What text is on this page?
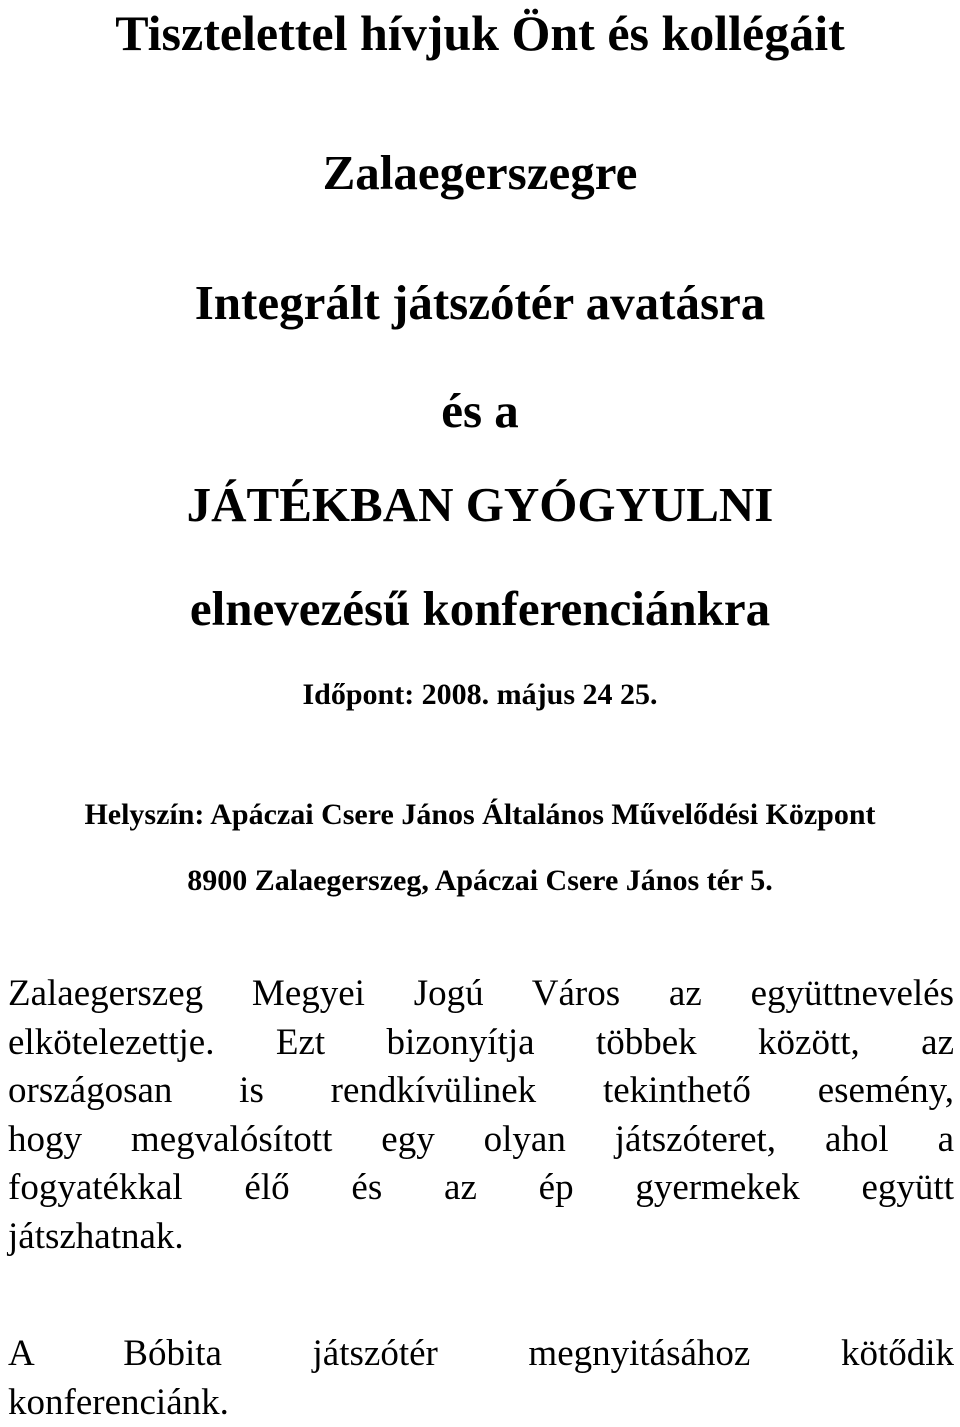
Tisztelettel hívjuk Önt és kollégáit
Zalaegerszegre
Integrált játszótér avatásra
és a
JÁTÉKBAN GYÓGYULNI
elnevezésű konferenciánkra
Időpont: 2008. május 24 25.
Helyszín: Apáczai Csere János Általános Művelődési Központ
8900 Zalaegerszeg, Apáczai Csere János tér 5.
Zalaegerszeg Megyei Jogú Város az együttnevelés
elkötelezettje. Ezt bizonyítja többek között, az
országosan is rendkívülinek tekinthető esemény,
hogy megvalósított egy olyan játszóteret, ahol a
fogyatékkal élő és az ép gyermekek együtt
játszhatnak.
A Bóbita játszótér megnyitásához kötődik
konferenciánk.
